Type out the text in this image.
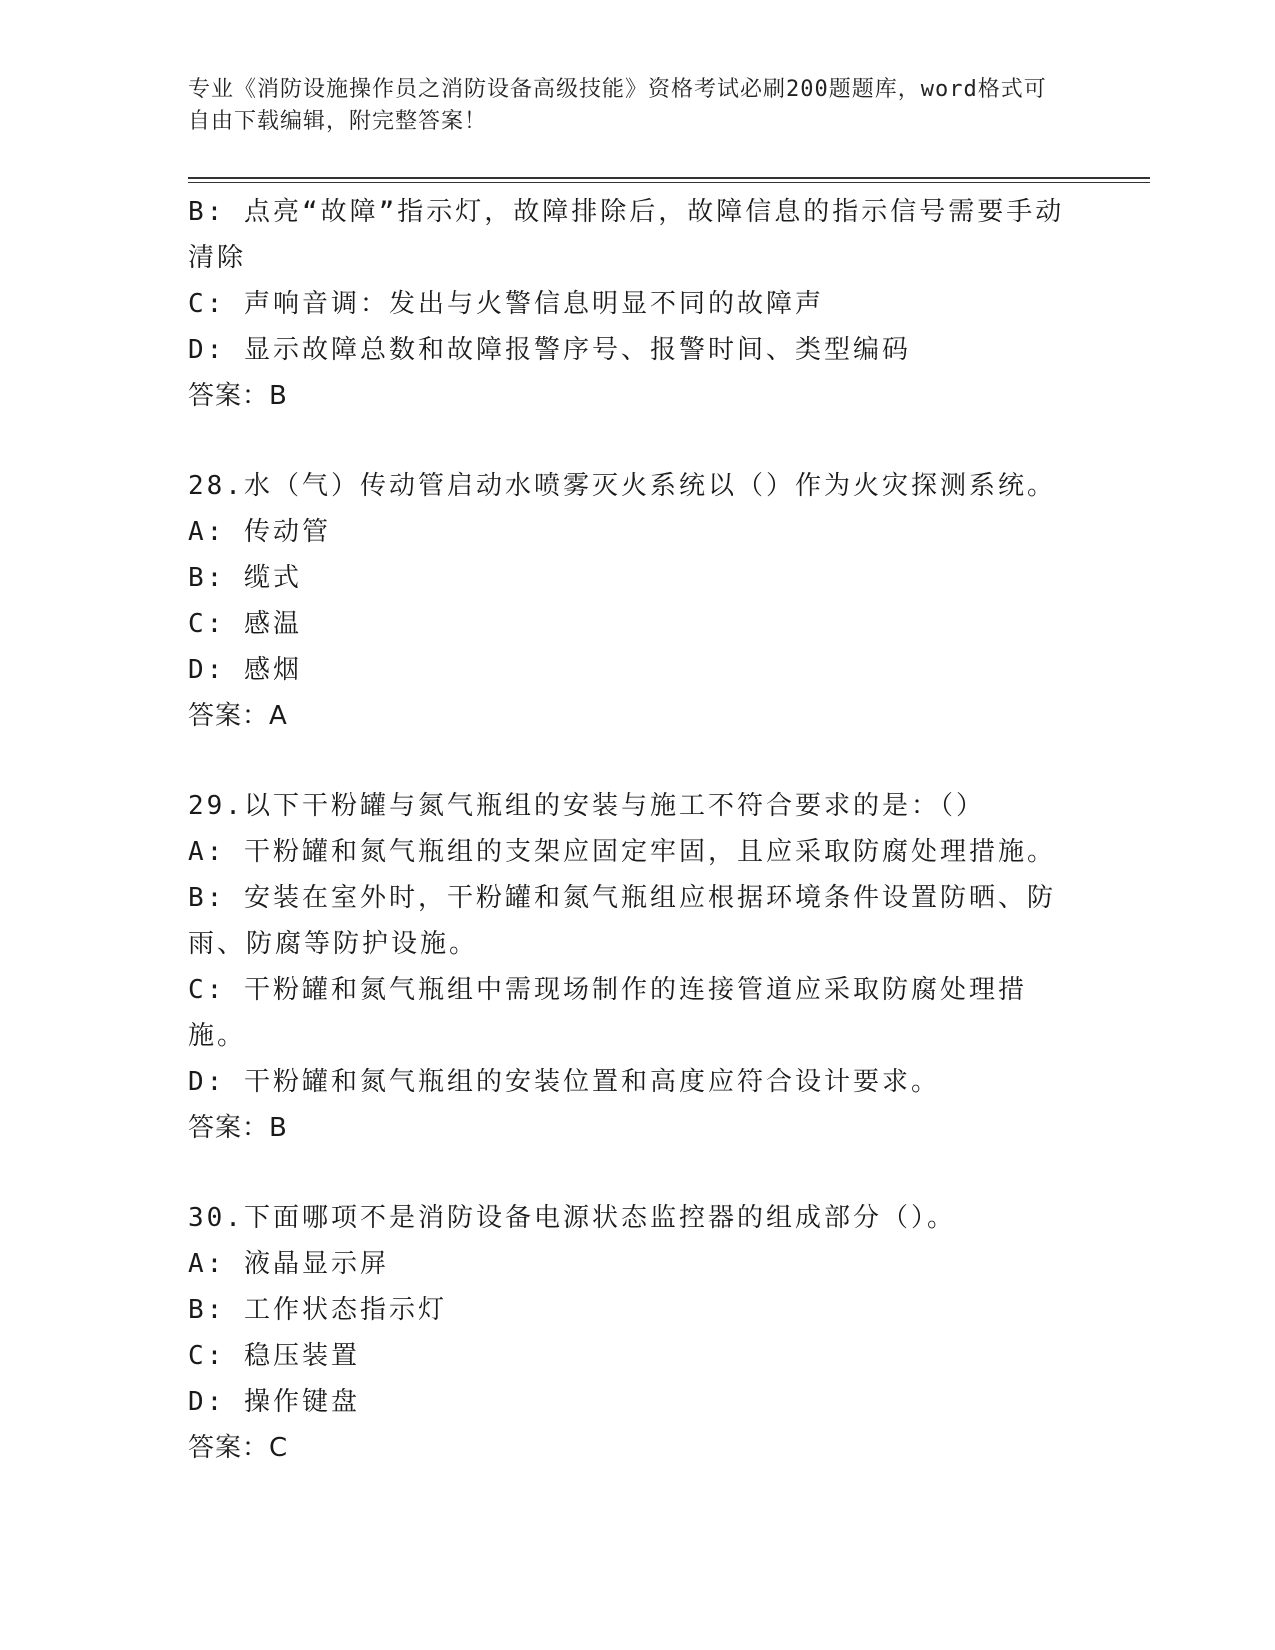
专业《消防设施操作员之消防设备高级技能》资格考试必刷200题题库，word格式可自由下载编辑，附完整答案！
B: 点亮“故障”指示灯，故障排除后，故障信息的指示信号需要手动清除
C: 声响音调：发出与火警信息明显不同的故障声
D: 显示故障总数和故障报警序号、报警时间、类型编码
答案：B
28.水（气）传动管启动水喷雾灭火系统以（）作为火灾探测系统。
A: 传动管
B: 缆式
C: 感温
D: 感烟
答案：A
29.以下干粉罐与氮气瓶组的安装与施工不符合要求的是：（）
A: 干粉罐和氮气瓶组的支架应固定牢固，且应采取防腐处理措施。
B: 安装在室外时，干粉罐和氮气瓶组应根据环境条件设置防晒、防雨、防腐等防护设施。
C: 干粉罐和氮气瓶组中需现场制作的连接管道应采取防腐处理措施。
D: 干粉罐和氮气瓶组的安装位置和高度应符合设计要求。
答案：B
30.下面哪项不是消防设备电源状态监控器的组成部分（）。
A: 液晶显示屏
B: 工作状态指示灯
C: 稳压装置
D: 操作键盘
答案：C
